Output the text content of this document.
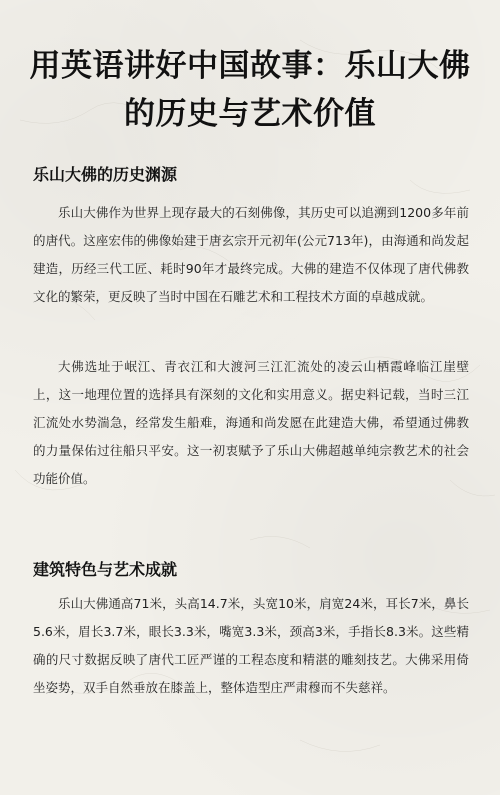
用英语讲好中国故事：乐山大佛的历史与艺术价值
乐山大佛的历史渊源
乐山大佛作为世界上现存最大的石刻佛像，其历史可以追溯到1200多年前的唐代。这座宏伟的佛像始建于唐玄宗开元初年(公元713年)，由海通和尚发起建造，历经三代工匠、耗时90年才最终完成。大佛的建造不仅体现了唐代佛教文化的繁荣，更反映了当时中国在石雕艺术和工程技术方面的卓越成就。
大佛选址于岷江、青衣江和大渡河三江汇流处的凌云山栖霞峰临江崖壁上，这一地理位置的选择具有深刻的文化和实用意义。据史料记载，当时三江汇流处水势湍急，经常发生船难，海通和尚发愿在此建造大佛，希望通过佛教的力量保佑过往船只平安。这一初衷赋予了乐山大佛超越单纯宗教艺术的社会功能价值。
建筑特色与艺术成就
乐山大佛通高71米，头高14.7米，头宽10米，肩宽24米，耳长7米，鼻长5.6米，眉长3.7米，眼长3.3米，嘴宽3.3米，颈高3米，手指长8.3米。这些精确的尺寸数据反映了唐代工匠严谨的工程态度和精湛的雕刻技艺。大佛采用倚坐姿势，双手自然垂放在膝盖上，整体造型庄严肃穆而不失慈祥。
